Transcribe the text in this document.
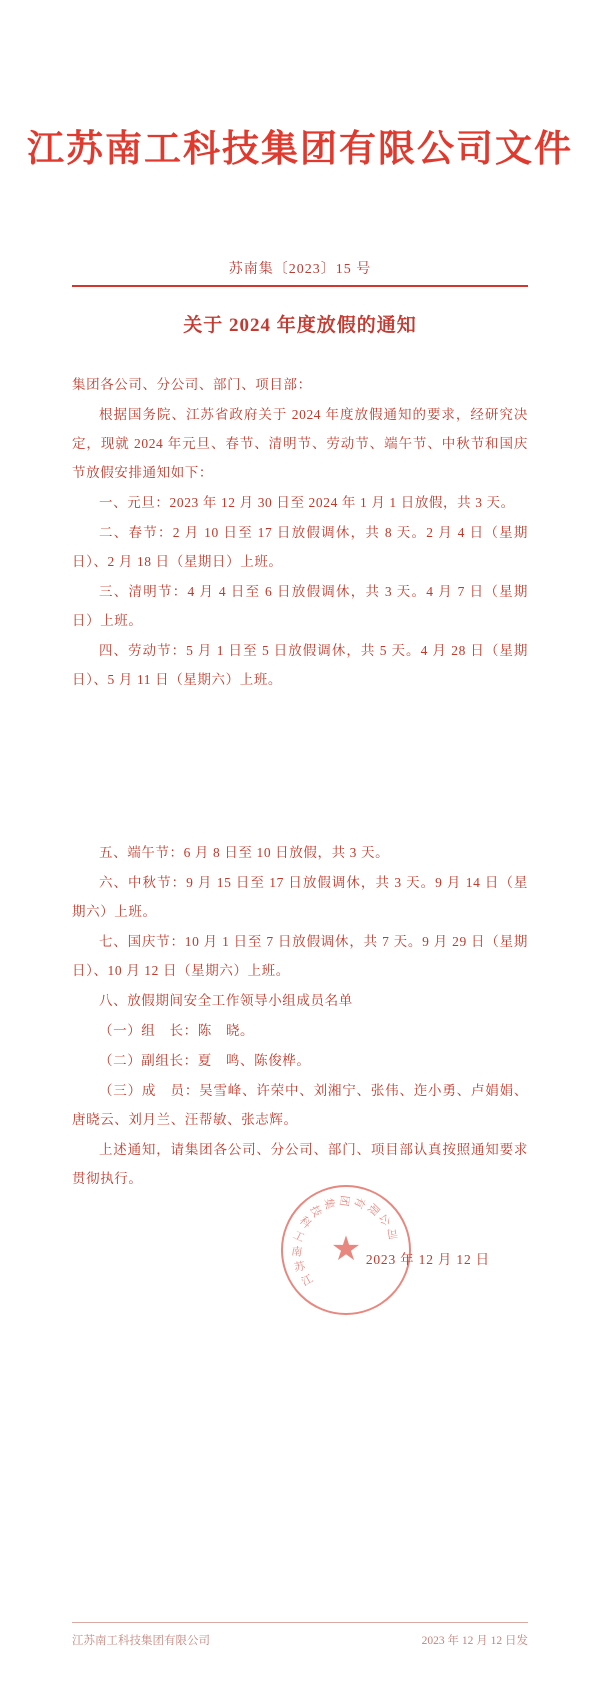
江苏南工科技集团有限公司文件
苏南集〔2023〕15 号
关于 2024 年度放假的通知

集团各公司、分公司、部门、项目部：

根据国务院、江苏省政府关于 2024 年度放假通知的要求，经研究决定，现就 2024 年元旦、春节、清明节、劳动节、端午节、中秋节和国庆节放假安排通知如下：

一、元旦：2023 年 12 月 30 日至 2024 年 1 月 1 日放假，共 3 天。

二、春节：2 月 10 日至 17 日放假调休，共 8 天。2 月 4 日（星期日）、2 月 18 日（星期日）上班。

三、清明节：4 月 4 日至 6 日放假调休，共 3 天。4 月 7 日（星期日）上班。

四、劳动节：5 月 1 日至 5 日放假调休，共 5 天。4 月 28 日（星期日）、5 月 11 日（星期六）上班。

五、端午节：6 月 8 日至 10 日放假，共 3 天。

六、中秋节：9 月 15 日至 17 日放假调休，共 3 天。9 月 14 日（星期六）上班。

七、国庆节：10 月 1 日至 7 日放假调休，共 7 天。9 月 29 日（星期日）、10 月 12 日（星期六）上班。

八、放假期间安全工作领导小组成员名单

（一）组　长：陈　晓。

（二）副组长：夏　鸣、陈俊桦。

（三）成　员：吴雪峰、许荣中、刘湘宁、张伟、迮小勇、卢娟娟、唐晓云、刘月兰、汪帮敏、张志辉。

上述通知，请集团各公司、分公司、部门、项目部认真按照通知要求贯彻执行。

★
江
苏
南
工
科
技
集 团 有
限
公
司
2023 年 12 月 12 日
江苏南工科技集团有限公司	2023 年 12 月 12 日发
